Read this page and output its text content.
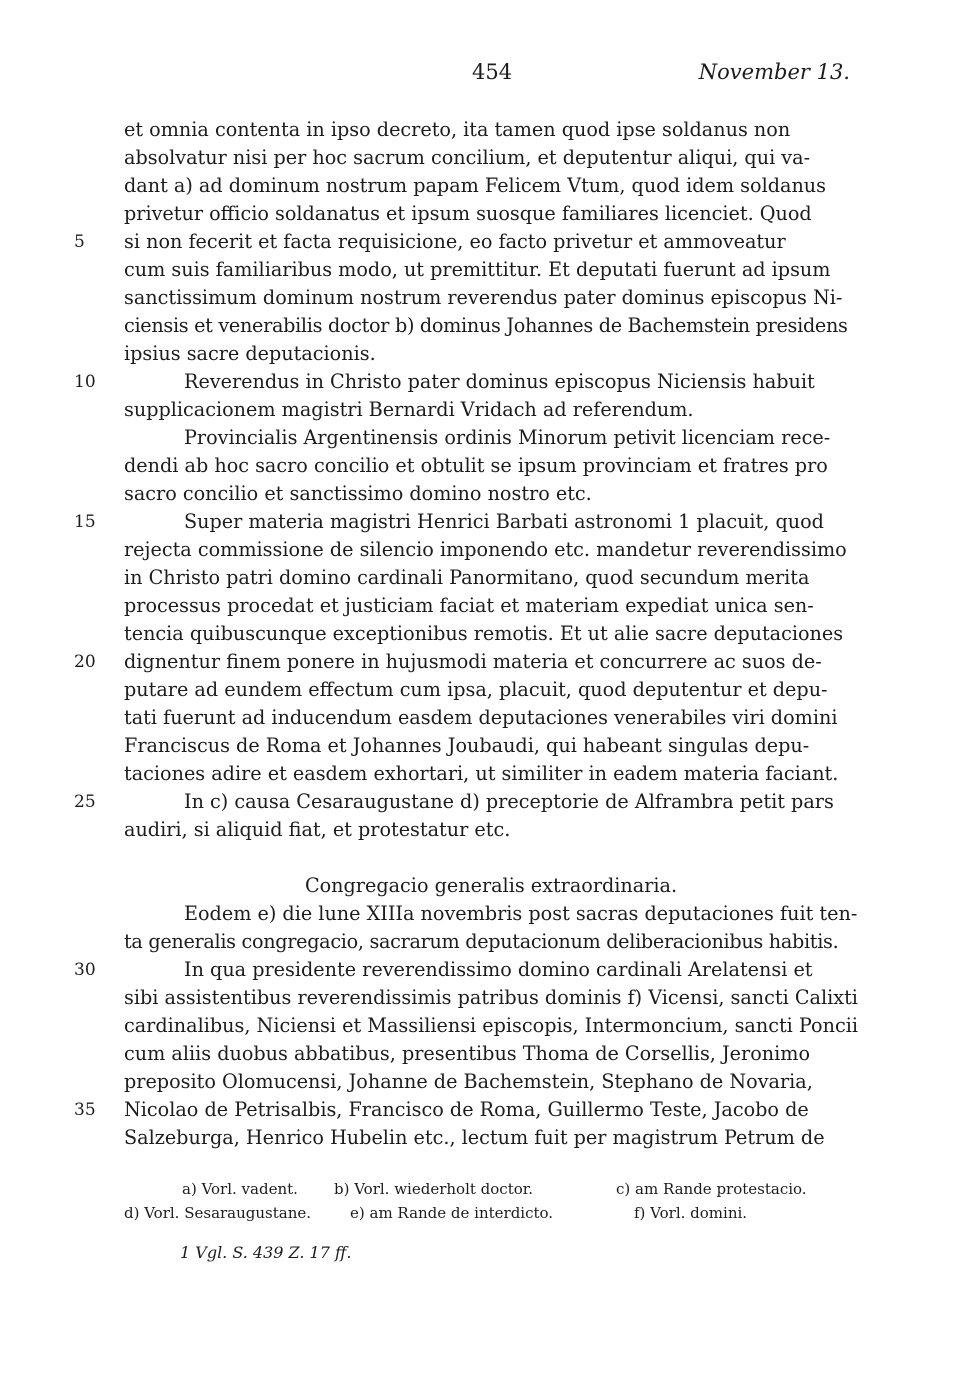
454	November 13.
et omnia contenta in ipso decreto, ita tamen quod ipse soldanus non
absolvatur nisi per hoc sacrum concilium, et deputentur aliqui, qui va-
dant a) ad dominum nostrum papam Felicem Vtum, quod idem soldanus
privetur officio soldanatus et ipsum suosque familiares licenciet. Quod
si non fecerit et facta requisicione, eo facto privetur et ammoveatur
cum suis familiaribus modo, ut premittitur. Et deputati fuerunt ad ipsum
sanctissimum dominum nostrum reverendus pater dominus episcopus Ni-
ciensis et venerabilis doctor b) dominus Johannes de Bachemstein presidens
ipsius sacre deputacionis.
Reverendus in Christo pater dominus episcopus Niciensis habuit
supplicacionem magistri Bernardi Vridach ad referendum.
Provincialis Argentinensis ordinis Minorum petivit licenciam rece-
dendi ab hoc sacro concilio et obtulit se ipsum provinciam et fratres pro
sacro concilio et sanctissimo domino nostro etc.
Super materia magistri Henrici Barbati astronomi 1 placuit, quod
rejecta commissione de silencio imponendo etc. mandetur reverendissimo
in Christo patri domino cardinali Panormitano, quod secundum merita
processus procedat et justiciam faciat et materiam expediat unica sen-
tencia quibuscunque exceptionibus remotis. Et ut alie sacre deputaciones
dignentur finem ponere in hujusmodi materia et concurrere ac suos de-
putare ad eundem effectum cum ipsa, placuit, quod deputentur et depu-
tati fuerunt ad inducendum easdem deputaciones venerabiles viri domini
Franciscus de Roma et Johannes Joubaudi, qui habeant singulas depu-
taciones adire et easdem exhortari, ut similiter in eadem materia faciant.
In c) causa Cesaraugustane d) preceptorie de Alframbra petit pars
audiri, si aliquid fiat, et protestatur etc.
Congregacio generalis extraordinaria.
Eodem e) die lune XIIIa novembris post sacras deputaciones fuit ten-
ta generalis congregacio, sacrarum deputacionum deliberacionibus habitis.
In qua presidente reverendissimo domino cardinali Arelatensi et
sibi assistentibus reverendissimis patribus dominis f) Vicensi, sancti Calixti
cardinalibus, Niciensi et Massiliensi episcopis, Intermoncium, sancti Poncii
cum aliis duobus abbatibus, presentibus Thoma de Corsellis, Jeronimo
preposito Olomucensi, Johanne de Bachemstein, Stephano de Novaria,
Nicolao de Petrisalbis, Francisco de Roma, Guillermo Teste, Jacobo de
Salzeburga, Henrico Hubelin etc., lectum fuit per magistrum Petrum de
5
10
15
20
25
30
35
a) Vorl. vadent. b) Vorl. wiederholt doctor.	c) am Rande protestacio.
d) Vorl. Sesaraugustane.	e) am Rande de interdicto.	f) Vorl. domini.
1 Vgl. S. 439 Z. 17 ff.
